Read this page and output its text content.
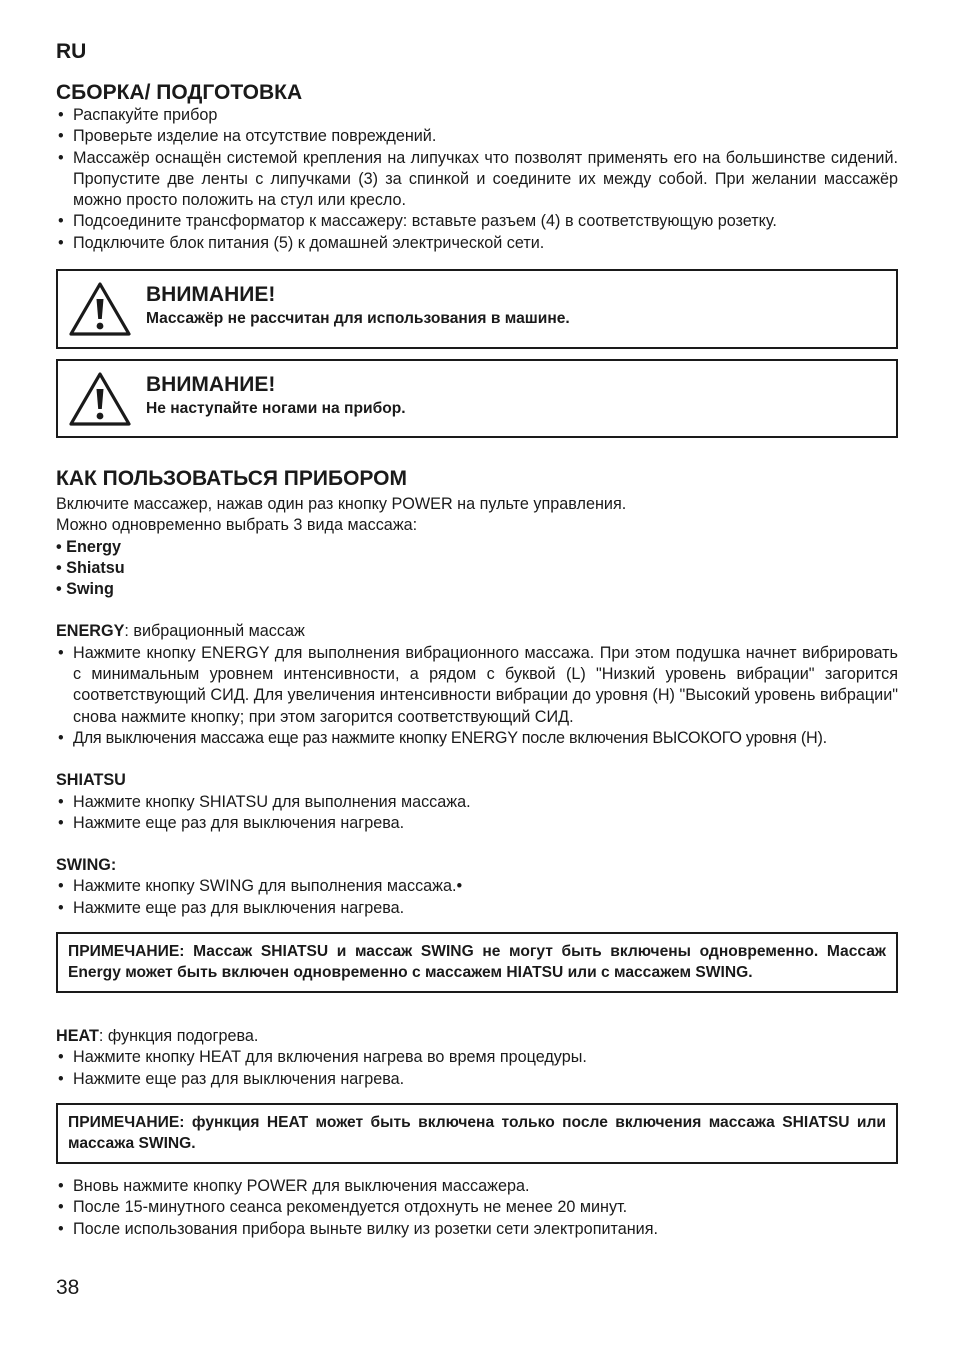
RU
СБОРКА/ ПОДГОТОВКА
• Распакуйте прибор
• Проверьте изделие на отсутствие повреждений.
• Массажёр оснащён системой крепления на липучках что позволят применять его на большинстве сидений. Пропустите две ленты с липучками (3) за спинкой и соедините их между собой. При желании массажёр можно просто положить на стул или кресло.
• Подсоедините трансформатор к массажеру: вставьте разъем (4) в соответствующую розетку.
• Подключите блок питания (5) к домашней электрической сети.
ВНИМАНИЕ!
Массажёр не рассчитан для использования в машине.
ВНИМАНИЕ!
Не наступайте ногами на прибор.
КАК ПОЛЬЗОВАТЬСЯ ПРИБОРОМ

Включите массажер, нажав один раз кнопку POWER на пульте управления.

Можно одновременно выбрать 3 вида массажа:

• Energy

• Shiatsu

• Swing

ENERGY: вибрационный массаж

• Нажмите кнопку ENERGY для выполнения вибрационного массажа. При этом подушка начнет вибрировать с минимальным уровнем интенсивности, а рядом с буквой (L) "Низкий уровень вибрации" загорится соответствующий СИД. Для увеличения интенсивности вибрации до уровня (H) "Высокий уровень вибрации" снова нажмите кнопку; при этом загорится соответствующий СИД.
• Для выключения массажа еще раз нажмите кнопку ENERGY после включения ВЫСОКОГО уровня (H).

SHIATSU

• Нажмите кнопку SHIATSU для выполнения массажа.
• Нажмите еще раз для выключения нагрева.

SWING:

• Нажмите кнопку SWING для выполнения массажа.•
• Нажмите еще раз для выключения нагрева.
ПРИМЕЧАНИЕ: Массаж SHIATSU и массаж SWING не могут быть включены одновременно. Массаж Energy может быть включен одновременно с массажем HIATSU или с массажем SWING.

HEAT: функция подогрева.

• Нажмите кнопку HEAT для включения нагрева во время процедуры.
• Нажмите еще раз для выключения нагрева.
ПРИМЕЧАНИЕ: функция HEAT может быть включена только после включения массажа SHIATSU или массажа SWING.
• Вновь нажмите кнопку POWER для выключения массажера.
• После 15-минутного сеанса рекомендуется отдохнуть не менее 20 минут.
• После использования прибора выньте вилку из розетки сети электропитания.
38
